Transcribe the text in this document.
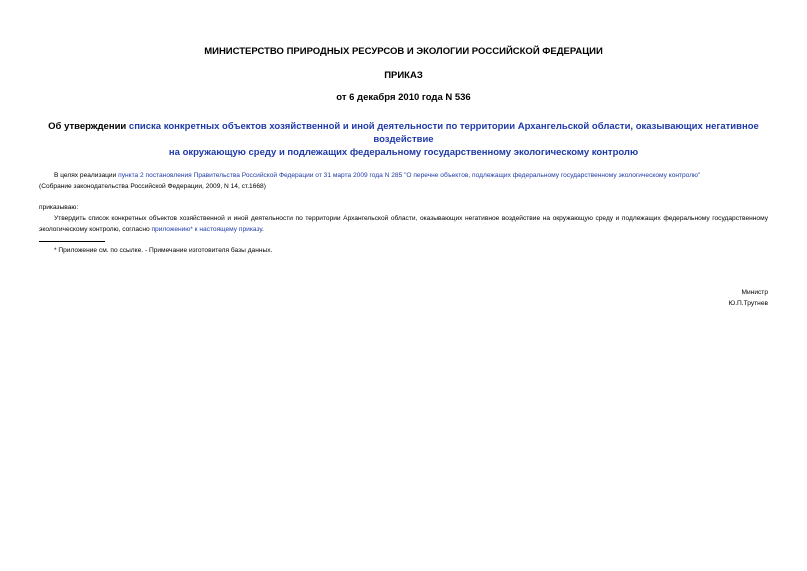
МИНИСТЕРСТВО ПРИРОДНЫХ РЕСУРСОВ И ЭКОЛОГИИ РОССИЙСКОЙ ФЕДЕРАЦИИ
ПРИКАЗ
от 6 декабря 2010 года N 536
Об утверждении списка конкретных объектов хозяйственной и иной деятельности по территории Архангельской области, оказывающих негативное воздействие
на окружающую среду и подлежащих федеральному государственному экологическому контролю
В целях реализации пункта 2 постановления Правительства Российской Федерации от 31 марта 2009 года N 285 "О перечне объектов, подлежащих федеральному государственному экологическому контролю"
(Собрание законодательства Российской Федерации, 2009, N 14, ст.1668)
приказываю:
Утвердить список конкретных объектов хозяйственной и иной деятельности по территории Архангельской области, оказывающих негативное воздействие на окружающую среду и подлежащих федеральному государственному экологическому контролю, согласно приложению* к настоящему приказу.
* Приложение см. по ссылке. - Примечание изготовителя базы данных.
Министр
Ю.П.Трутнев
